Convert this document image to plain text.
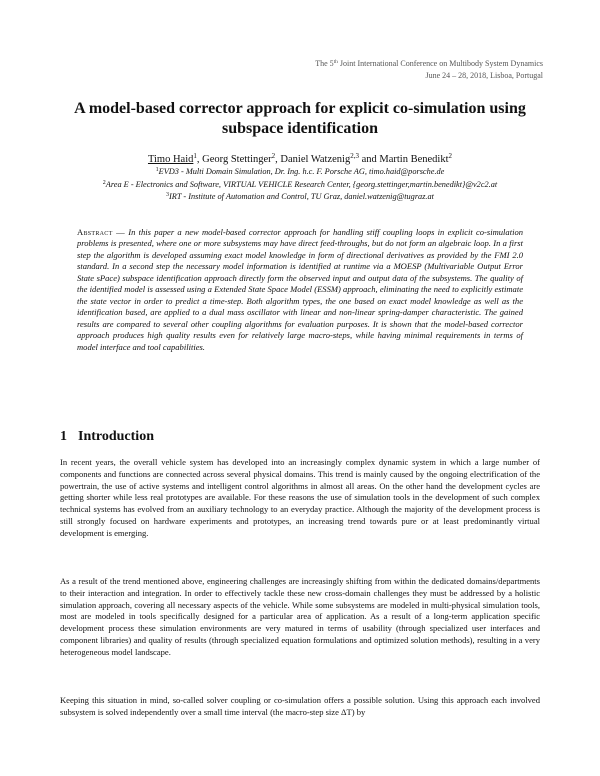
The 5th Joint International Conference on Multibody System Dynamics
June 24 – 28, 2018, Lisboa, Portugal
A model-based corrector approach for explicit co-simulation using
subspace identification
Timo Haid$^1$, Georg Stettinger$^2$, Daniel Watzenig$^{2,3}$ and Martin Benedikt$^2$
$^1$EVD3 - Multi Domain Simulation, Dr. Ing. h.c. F. Porsche AG, timo.haid@porsche.de
$^2$Area E - Electronics and Software, VIRTUAL VEHICLE Research Center, {georg.stettinger,martin.benedikt}@v2c2.at
$^3$IRT - Institute of Automation and Control, TU Graz, daniel.watzenig@tugraz.at

Abstract — In this paper a new model-based corrector approach for handling stiff coupling loops in explicit co-simulation problems is presented, where one or more subsystems may have direct feed-throughs, but do not form an algebraic loop. In a first step the algorithm is developed assuming exact model knowledge in form of directional derivatives as provided by the FMI 2.0 standard. In a second step the necessary model information is identified at runtime via a MOESP (Multivariable Output Error State sPace) subspace identification approach directly form the observed input and output data of the subsystems. The quality of the identified model is assessed using a Extended State Space Model (ESSM) approach, eliminating the need to explicitly estimate the state vector in order to predict a time-step. Both algorithm types, the one based on exact model knowledge as well as the identification based, are applied to a dual mass oscillator with linear and non-linear spring-damper characteristic. The gained results are compared to several other coupling algorithms for evaluation purposes. It is shown that the model-based corrector approach produces high quality results even for relatively large macro-steps, while having minimal requirements in terms of model interface and tool capabilities.

1 Introduction

In recent years, the overall vehicle system has developed into an increasingly complex dynamic system in which a large number of components and functions are connected across several physical domains. This trend is mainly caused by the ongoing electrification of the powertrain, the use of active systems and intelligent control algorithms in almost all areas. On the other hand the development cycles are getting shorter while less real prototypes are available. For these reasons the use of simulation tools in the development of such complex technical systems has evolved from an auxiliary technology to an everyday practice. Although the majority of the development process is still strongly focused on hardware experiments and prototypes, an increasing trend towards pure or at least predominantly virtual development is emerging.

As a result of the trend mentioned above, engineering challenges are increasingly shifting from within the dedicated domains/departments to their interaction and integration. In order to effectively tackle these new cross-domain challenges they must be addressed by a holistic simulation approach, covering all necessary aspects of the vehicle. While some subsystems are modeled in multi-physical simulation tools, most are modeled in tools specifically designed for a particular area of application. As a result of a long-term application specific development process these simulation environments are very matured in terms of usability (through specialized user interfaces and component libraries) and quality of results (through specialized equation formulations and optimized solution methods), resulting in a very heterogeneous model landscape.

Keeping this situation in mind, so-called solver coupling or co-simulation offers a possible solution. Using this approach each involved subsystem is solved independently over a small time interval (the macro-step size ΔT) by
